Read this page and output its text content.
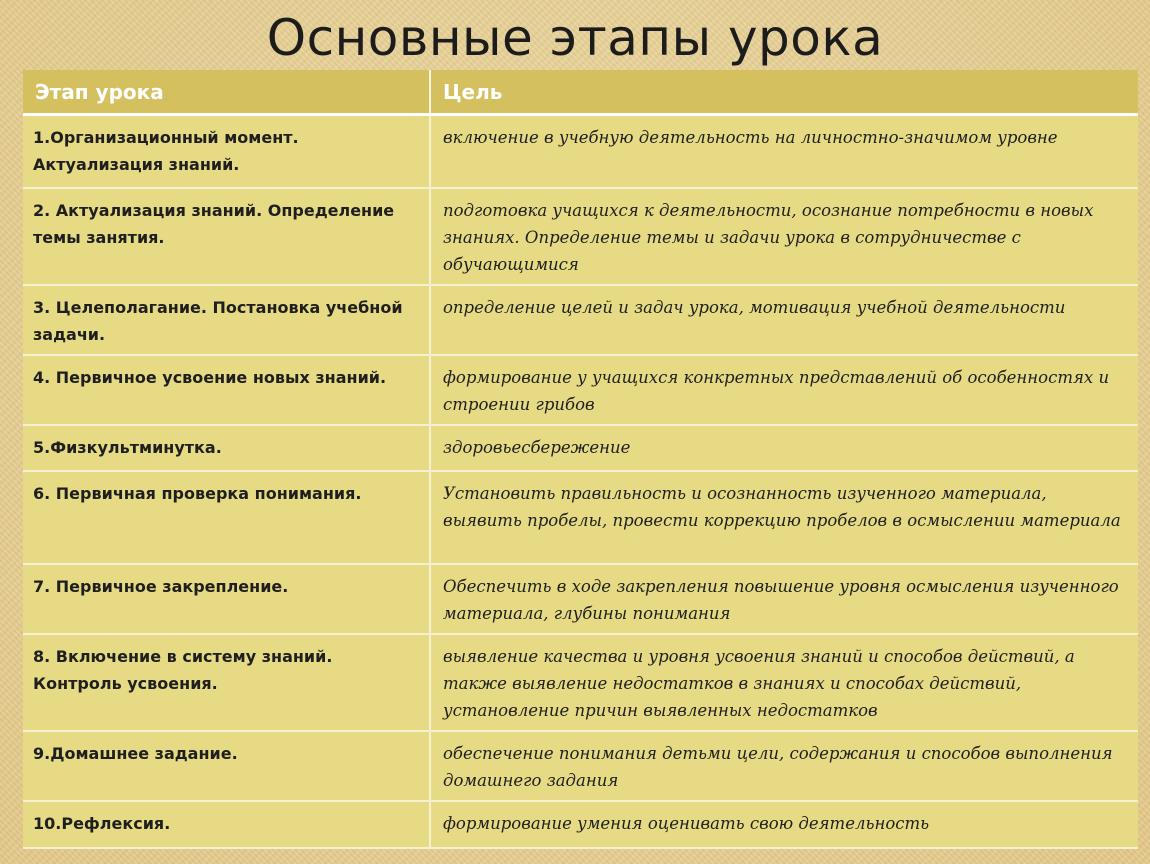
Основные этапы урока
Этап урока	Цель
1.Организационный момент. Актуализация знаний.	включение в учебную деятельность на личностно-значимом уровне
2. Актуализация знаний. Определение темы занятия.	подготовка учащихся к деятельности, осознание потребности в новых знаниях. Определение темы и задачи урока в сотрудничестве с обучающимися
3. Целеполагание. Постановка учебной задачи.	определение целей и задач урока, мотивация учебной деятельности
4. Первичное усвоение новых знаний.	формирование у учащихся конкретных представлений об особенностях и строении грибов
5.Физкультминутка.	здоровьесбережение
6. Первичная проверка понимания.	Установить правильность и осознанность изученного материала, выявить пробелы, провести коррекцию пробелов в осмыслении материала
7. Первичное закрепление.	Обеспечить в ходе закрепления повышение уровня осмысления изученного материала, глубины понимания
8. Включение в систему знаний. Контроль усвоения.	выявление качества и уровня усвоения знаний и способов действий, а также выявление недостатков в знаниях и способах действий, установление причин выявленных недостатков
9.Домашнее задание.	обеспечение понимания детьми цели, содержания и способов выполнения домашнего задания
10.Рефлексия.	формирование умения оценивать свою деятельность
